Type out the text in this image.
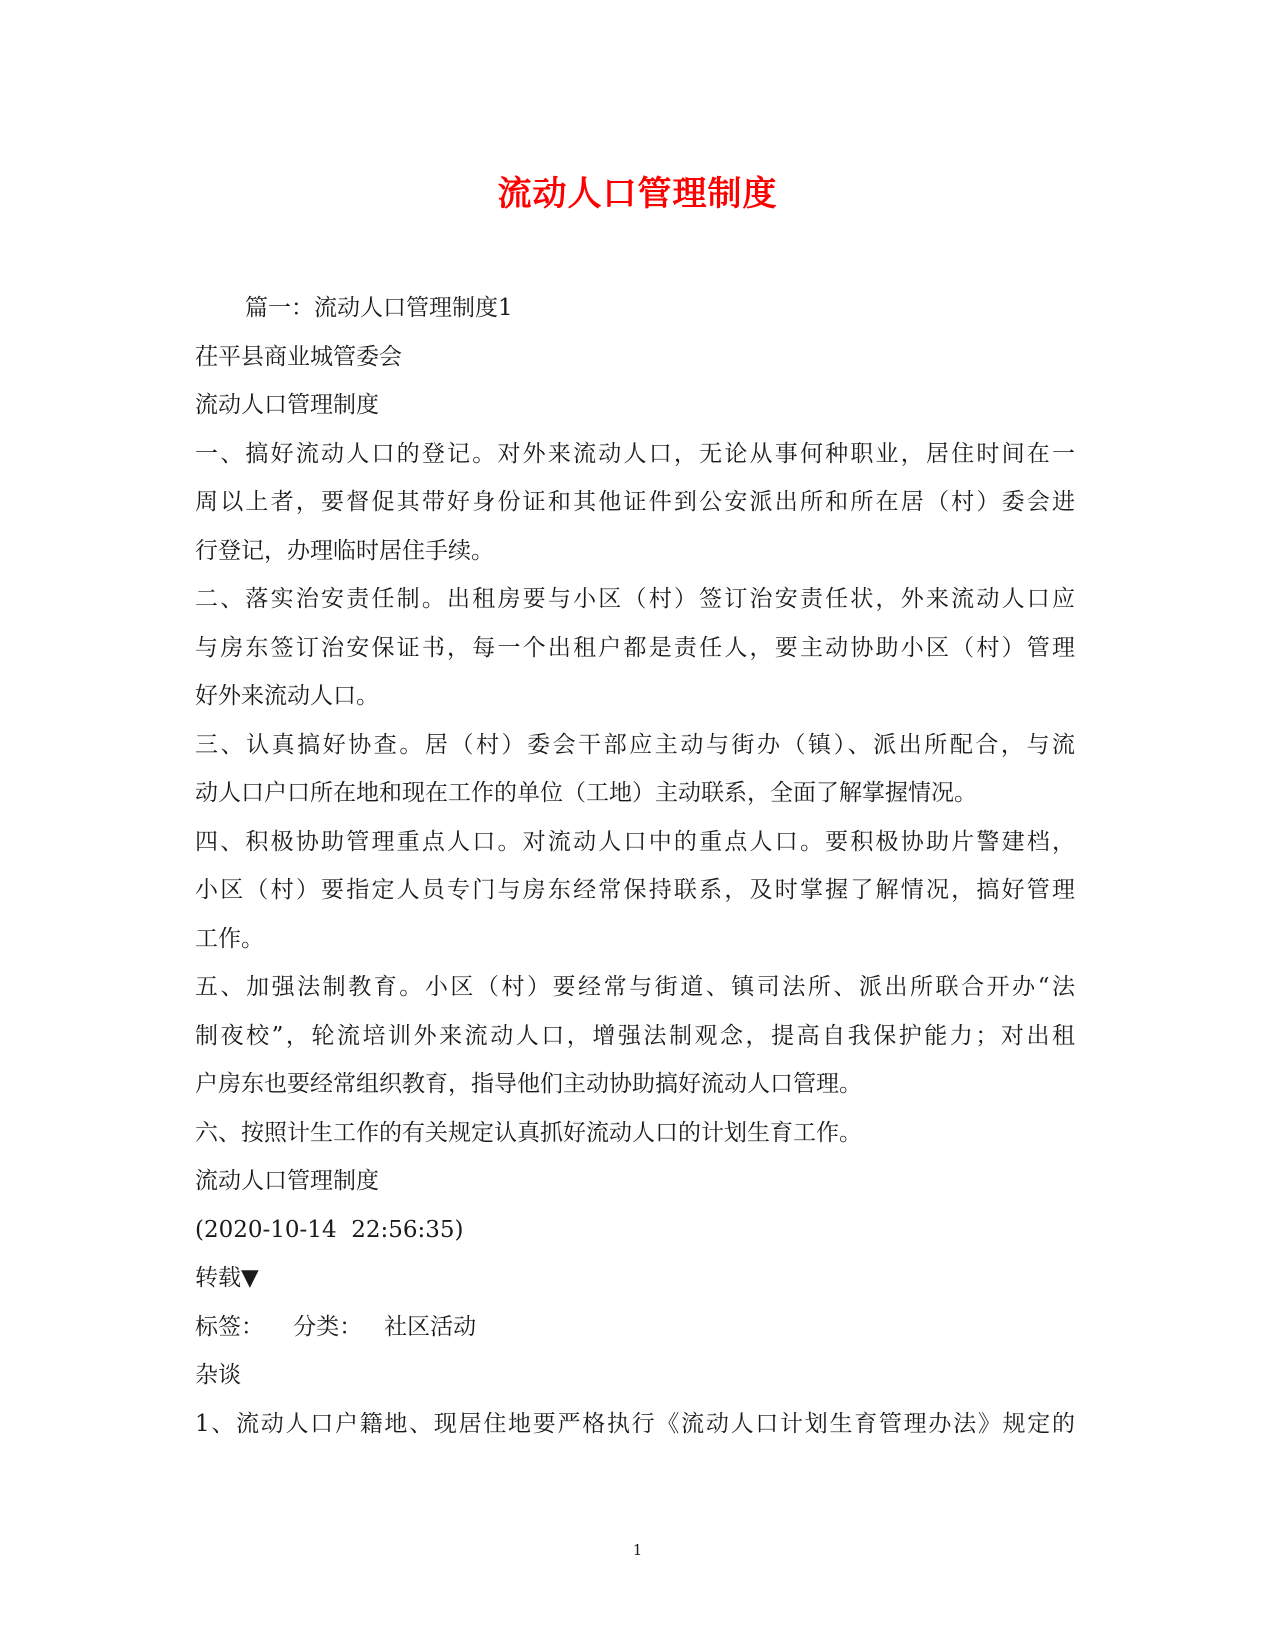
流动人口管理制度
篇一：流动人口管理制度1
茌平县商业城管委会
流动人口管理制度
一、搞好流动人口的登记。对外来流动人口，无论从事何种职业，居住时间在一
周以上者，要督促其带好身份证和其他证件到公安派出所和所在居（村）委会进
行登记，办理临时居住手续。
二、落实治安责任制。出租房要与小区（村）签订治安责任状，外来流动人口应
与房东签订治安保证书，每一个出租户都是责任人，要主动协助小区（村）管理
好外来流动人口。
三、认真搞好协查。居（村）委会干部应主动与街办（镇）、派出所配合，与流
动人口户口所在地和现在工作的单位（工地）主动联系，全面了解掌握情况。
四、积极协助管理重点人口。对流动人口中的重点人口。要积极协助片警建档，
小区（村）要指定人员专门与房东经常保持联系，及时掌握了解情况，搞好管理
工作。
五、加强法制教育。小区（村）要经常与街道、镇司法所、派出所联合开办“法
制夜校”，轮流培训外来流动人口，增强法制观念，提高自我保护能力；对出租
户房东也要经常组织教育，指导他们主动协助搞好流动人口管理。
六、按照计生工作的有关规定认真抓好流动人口的计划生育工作。
流动人口管理制度
(2020-10-14  22:56:35)
转载▼
标签：    分类：   社区活动
杂谈
1、流动人口户籍地、现居住地要严格执行《流动人口计划生育管理办法》规定的
1
